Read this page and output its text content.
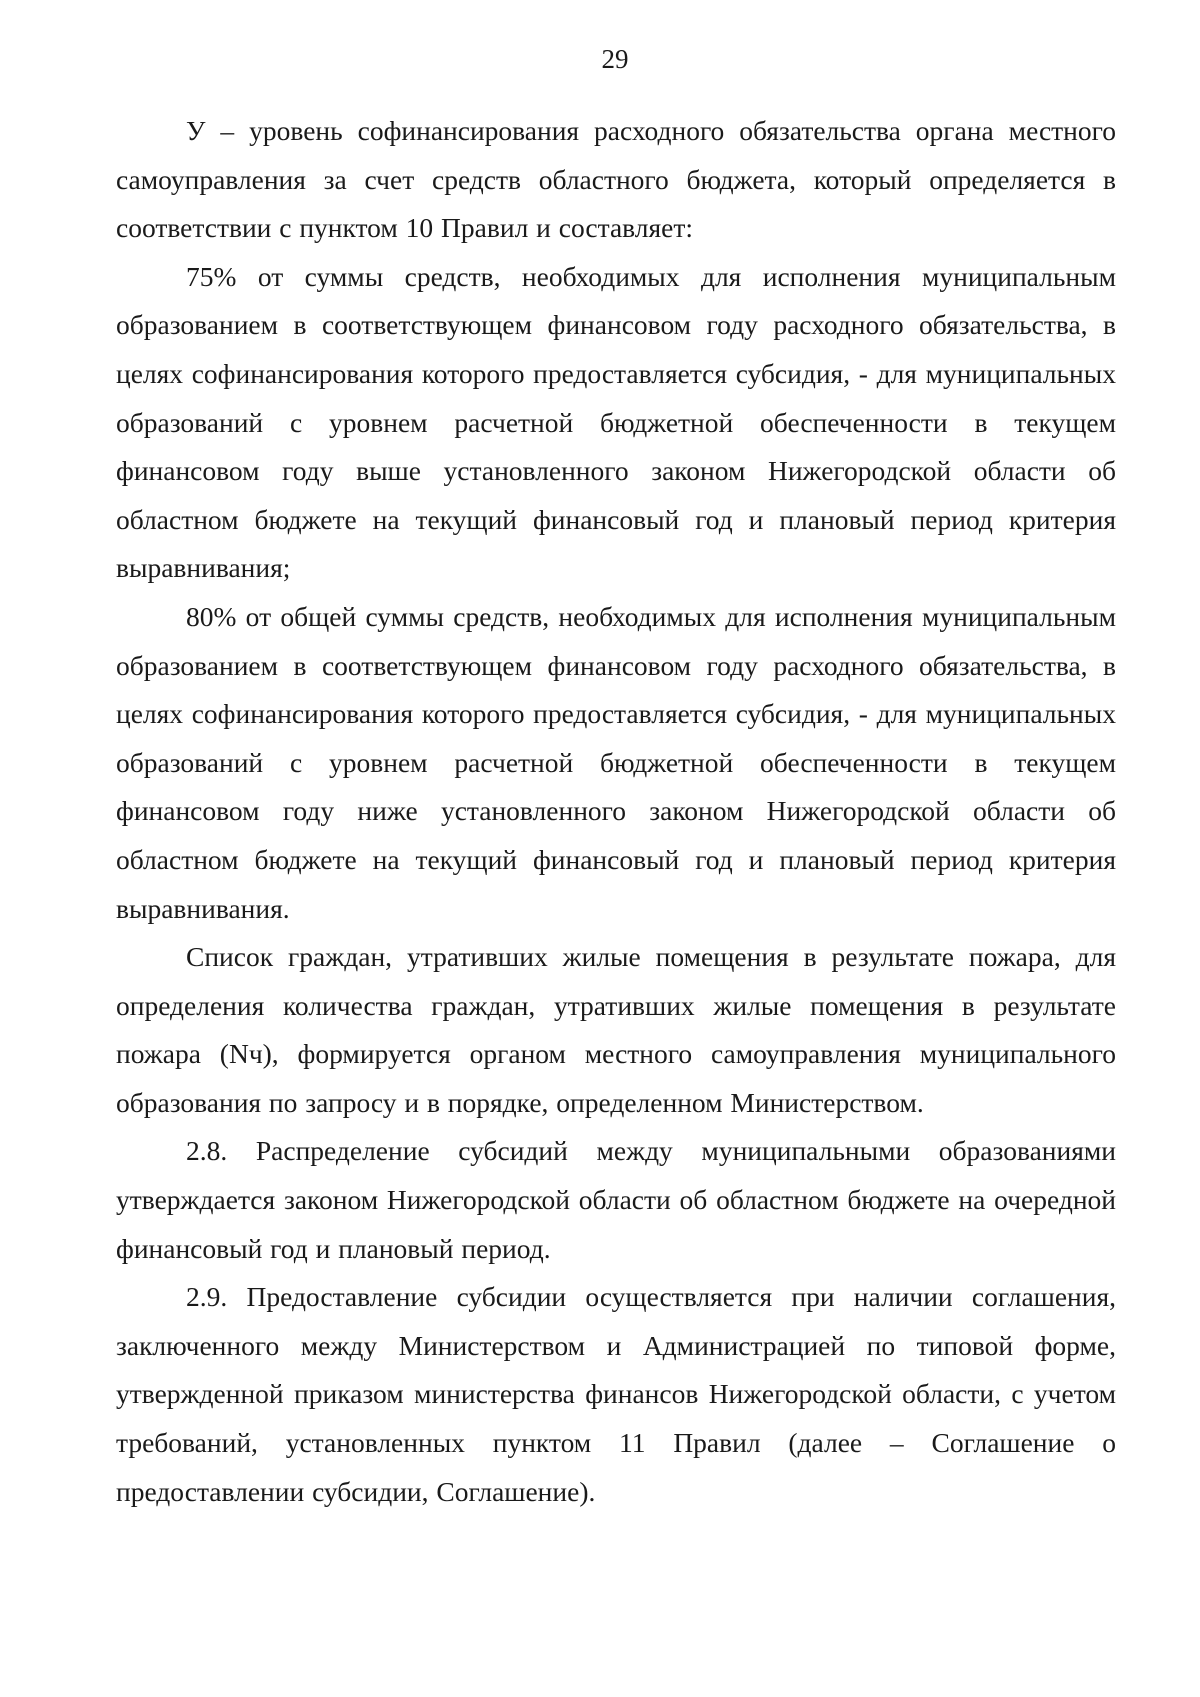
29

У – уровень софинансирования расходного обязательства органа местного самоуправления за счет средств областного бюджета, который определяется в соответствии с пунктом 10 Правил и составляет:

75% от суммы средств, необходимых для исполнения муниципальным образованием в соответствующем финансовом году расходного обязательства, в целях софинансирования которого предоставляется субсидия, - для муниципальных образований с уровнем расчетной бюджетной обеспеченности в текущем финансовом году выше установленного законом Нижегородской области об областном бюджете на текущий финансовый год и плановый период критерия выравнивания;

80% от общей суммы средств, необходимых для исполнения муниципальным образованием в соответствующем финансовом году расходного обязательства, в целях софинансирования которого предоставляется субсидия, - для муниципальных образований с уровнем расчетной бюджетной обеспеченности в текущем финансовом году ниже установленного законом Нижегородской области об областном бюджете на текущий финансовый год и плановый период критерия выравнивания.

Список граждан, утративших жилые помещения в результате пожара, для определения количества граждан, утративших жилые помещения в результате пожара (Nч), формируется органом местного самоуправления муниципального образования по запросу и в порядке, определенном Министерством.

2.8. Распределение субсидий между муниципальными образованиями утверждается законом Нижегородской области об областном бюджете на очередной финансовый год и плановый период.

2.9. Предоставление субсидии осуществляется при наличии соглашения, заключенного между Министерством и Администрацией по типовой форме, утвержденной приказом министерства финансов Нижегородской области, с учетом требований, установленных пунктом 11 Правил (далее – Соглашение о предоставлении субсидии, Соглашение).
